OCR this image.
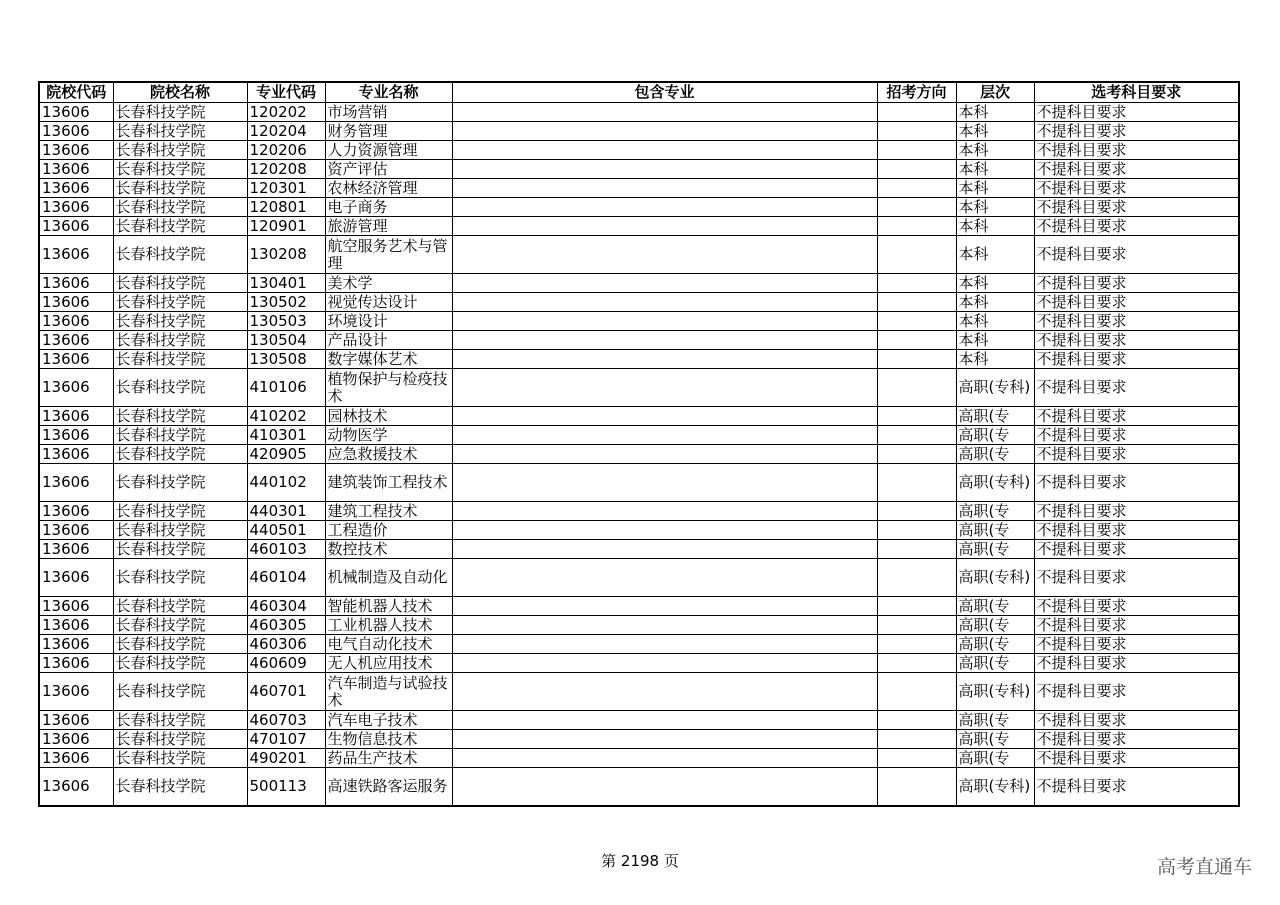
院校代码	院校名称	专业代码	专业名称	包含专业	招考方向	层次	选考科目要求
13606	长春科技学院	120202	市场营销			本科	不提科目要求
13606	长春科技学院	120204	财务管理			本科	不提科目要求
13606	长春科技学院	120206	人力资源管理			本科	不提科目要求
13606	长春科技学院	120208	资产评估			本科	不提科目要求
13606	长春科技学院	120301	农林经济管理			本科	不提科目要求
13606	长春科技学院	120801	电子商务			本科	不提科目要求
13606	长春科技学院	120901	旅游管理			本科	不提科目要求
13606	长春科技学院	130208	航空服务艺术与管理			本科	不提科目要求
13606	长春科技学院	130401	美术学			本科	不提科目要求
13606	长春科技学院	130502	视觉传达设计			本科	不提科目要求
13606	长春科技学院	130503	环境设计			本科	不提科目要求
13606	长春科技学院	130504	产品设计			本科	不提科目要求
13606	长春科技学院	130508	数字媒体艺术			本科	不提科目要求
13606	长春科技学院	410106	植物保护与检疫技术			高职(专科)	不提科目要求
13606	长春科技学院	410202	园林技术			高职(专	不提科目要求
13606	长春科技学院	410301	动物医学			高职(专	不提科目要求
13606	长春科技学院	420905	应急救援技术			高职(专	不提科目要求
13606	长春科技学院	440102	建筑装饰工程技术			高职(专科)	不提科目要求
13606	长春科技学院	440301	建筑工程技术			高职(专	不提科目要求
13606	长春科技学院	440501	工程造价			高职(专	不提科目要求
13606	长春科技学院	460103	数控技术			高职(专	不提科目要求
13606	长春科技学院	460104	机械制造及自动化			高职(专科)	不提科目要求
13606	长春科技学院	460304	智能机器人技术			高职(专	不提科目要求
13606	长春科技学院	460305	工业机器人技术			高职(专	不提科目要求
13606	长春科技学院	460306	电气自动化技术			高职(专	不提科目要求
13606	长春科技学院	460609	无人机应用技术			高职(专	不提科目要求
13606	长春科技学院	460701	汽车制造与试验技术			高职(专科)	不提科目要求
13606	长春科技学院	460703	汽车电子技术			高职(专	不提科目要求
13606	长春科技学院	470107	生物信息技术			高职(专	不提科目要求
13606	长春科技学院	490201	药品生产技术			高职(专	不提科目要求
13606	长春科技学院	500113	高速铁路客运服务			高职(专科)	不提科目要求
第 2198 页	高考直通车
